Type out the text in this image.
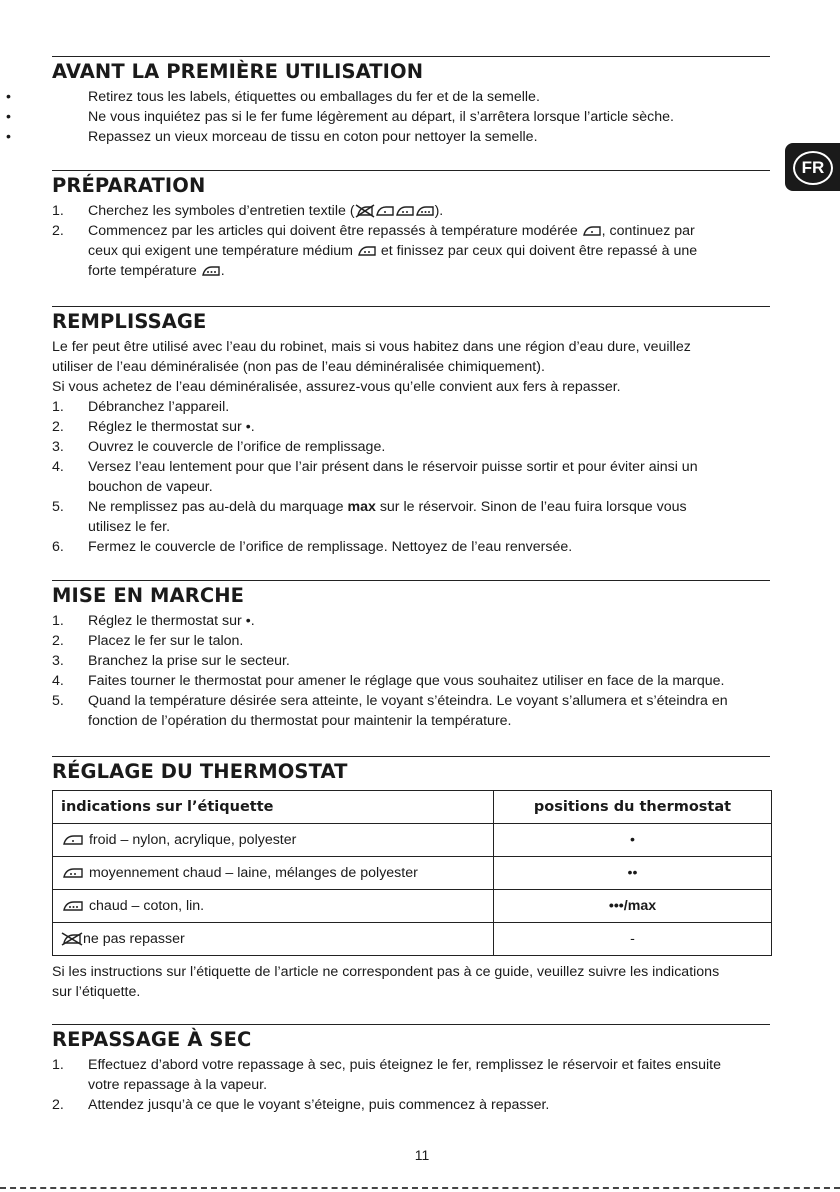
FR
AVANT LA PREMIÈRE UTILISATION
•	Retirez tous les labels, étiquettes ou emballages du fer et de la semelle.
•	Ne vous inquiétez pas si le fer fume légèrement au départ, il s’arrêtera lorsque l’article sèche.
•	Repassez un vieux morceau de tissu en coton pour nettoyer la semelle.
PRÉPARATION
1. Cherchez les symboles d’entretien textile (	).
2. Commencez par les articles qui doivent être repassés à température modérée , continuez par
ceux qui exigent une température médium et finissez par ceux qui doivent être repassé à une
forte température .
REMPLISSAGE
Le fer peut être utilisé avec l’eau du robinet, mais si vous habitez dans une région d’eau dure, veuillez
utiliser de l’eau déminéralisée (non pas de l’eau déminéralisée chimiquement).
Si vous achetez de l’eau déminéralisée, assurez-vous qu’elle convient aux fers à repasser.
1. Débranchez l’appareil.
2. Réglez le thermostat sur •.
3. Ouvrez le couvercle de l’orifice de remplissage.
4. Versez l’eau lentement pour que l’air présent dans le réservoir puisse sortir et pour éviter ainsi un
bouchon de vapeur.
5. Ne remplissez pas au-delà du marquage max sur le réservoir. Sinon de l’eau fuira lorsque vous
utilisez le fer.
6. Fermez le couvercle de l’orifice de remplissage. Nettoyez de l’eau renversée.
MISE EN MARCHE
1. Réglez le thermostat sur •.
2. Placez le fer sur le talon.
3. Branchez la prise sur le secteur.
4. Faites tourner le thermostat pour amener le réglage que vous souhaitez utiliser en face de la marque.
5. Quand la température désirée sera atteinte, le voyant s’éteindra. Le voyant s’allumera et s’éteindra en
fonction de l’opération du thermostat pour maintenir la température.
RÉGLAGE DU THERMOSTAT
indications sur l’étiquette	positions du thermostat
froid – nylon, acrylique, polyester	•
moyennement chaud – laine, mélanges de polyester	••
chaud – coton, lin.	•••/max
ne pas repasser	-
Si les instructions sur l’étiquette de l’article ne correspondent pas à ce guide, veuillez suivre les indications
sur l’étiquette.
REPASSAGE À SEC
1. Effectuez d’abord votre repassage à sec, puis éteignez le fer, remplissez le réservoir et faites ensuite
votre repassage à la vapeur.
2. Attendez jusqu’à ce que le voyant s’éteigne, puis commencez à repasser.
11
